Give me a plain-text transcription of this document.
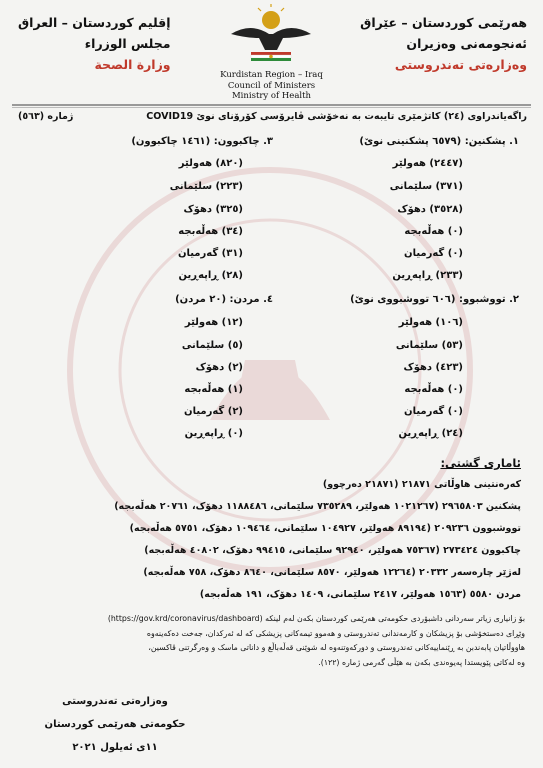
هەرێمی کوردستان – عێراق
ئەنجومەنی وەزیران
وەزارەتی تەندروستی
Kurdistan Region – Iraq
Council of Ministers
Ministry of Health
إقليم كوردستان – العراق
مجلس الوزراء
وزارة الصحة
راگەیاندراوی (٢٤) کاتژمێری تایبەت بە نەخۆشی ڤایرۆسی کۆرۆنای نوێ COVID19
ژمارە (٥٦٣)
١. پشکنین: (٦٥٧٩ پشکنینی نوێ)
(٢٤٤٧) هەولێر
(٣٧١) سلێمانی
(٣٥٢٨) دهۆک
(٠) هەڵەبجە
(٠) گەرمیان
(٢٣٣) ڕاپەڕین
٣. چاکبوون: (١٤٦١ چاکبوون)
(٨٢٠) هەولێر
(٢٢٣) سلێمانی
(٣٢٥) دهۆک
(٣٤) هەڵەبجە
(٣١) گەرمیان
(٢٨) ڕاپەڕین
٢. تووشبوو: (٦٠٦ تووشبووی نوێ)
(١٠٦) هەولێر
(٥٣) سلێمانی
(٤٢٣) دهۆک
(٠) هەڵەبجە
(٠) گەرمیان
(٢٤) ڕاپەڕین
٤. مردن: (٢٠ مردن)
(١٢) هەولێر
(٥) سلێمانی
(٢) دهۆک
(١) هەڵەبجە
(٢) گەرمیان
(٠) ڕاپەڕین
ئاماری گشتی:
کەرەنتینی هاوڵاتی ٢١٨٧١ (٢١٨٧١ دەرچوو)
پشکنین ٢٩٦٥٨٠٣ (١٠٢١٢٦٧ هەولێر، ٧٣٥٢٨٩ سلێمانی، ١١٨٨٤٨٦ دهۆک، ٢٠٧٦١ هەڵەبجە)
تووشبوون ٢٠٩٢٣٦ (٨٩١٩٤ هەولێر، ١٠٤٩٢٧ سلێمانی، ١٠٩٤٦٤ دهۆک، ٥٧٥١ هەڵەبجە)
چاکبوون ٢٧٣٤٢٤ (٧٥٣٦٧ هەولێر، ٩٢٩٤٠ سلێمانی، ٩٩٤١٥ دهۆک، ٤٠٨٠٢ هەڵەبجە)
لەژێر چارەسەر ٢٠٣٣٢ (١٢٢٦٤ هەولێر، ٨٥٧٠ سلێمانی، ٨٦٤٠ دهۆک، ٧٥٨ هەڵەبجە)
مردن ٥٥٨٠ (١٥٦٣ هەولێر، ٢٤١٧ سلێمانی، ١٤٠٩ دهۆک، ١٩١ هەڵەبجە)
بۆ زانیاری زیاتر سەردانی داشبۆردی حکومەتی هەرێمی کوردستان بکەن لەم لینکە (https://gov.krd/coronavirus/dashboard)
وێڕای دەستخۆشی بۆ پزیشکان و کارمەندانی تەندروستی و هەموو تیمەکانی پزیشکی کە لە ئەرکدان، جەخت دەکەینەوە
هاووڵاتیان پابەندبن بە ڕێنماییەکانی تەندروستی و دورکەوتنەوە لە شوێنی قەڵەباڵغ و داناتی ماسک و وەرگرتنی ڤاکسین،
وە لەکاتی پێویستدا پەیوەندی بکەن بە هێڵی گەرمی ژمارە (١٢٢).
وەزارەتی تەندروستی
حکومەتی هەرێمی کوردستان
١١ی ئەیلول ٢٠٢١
